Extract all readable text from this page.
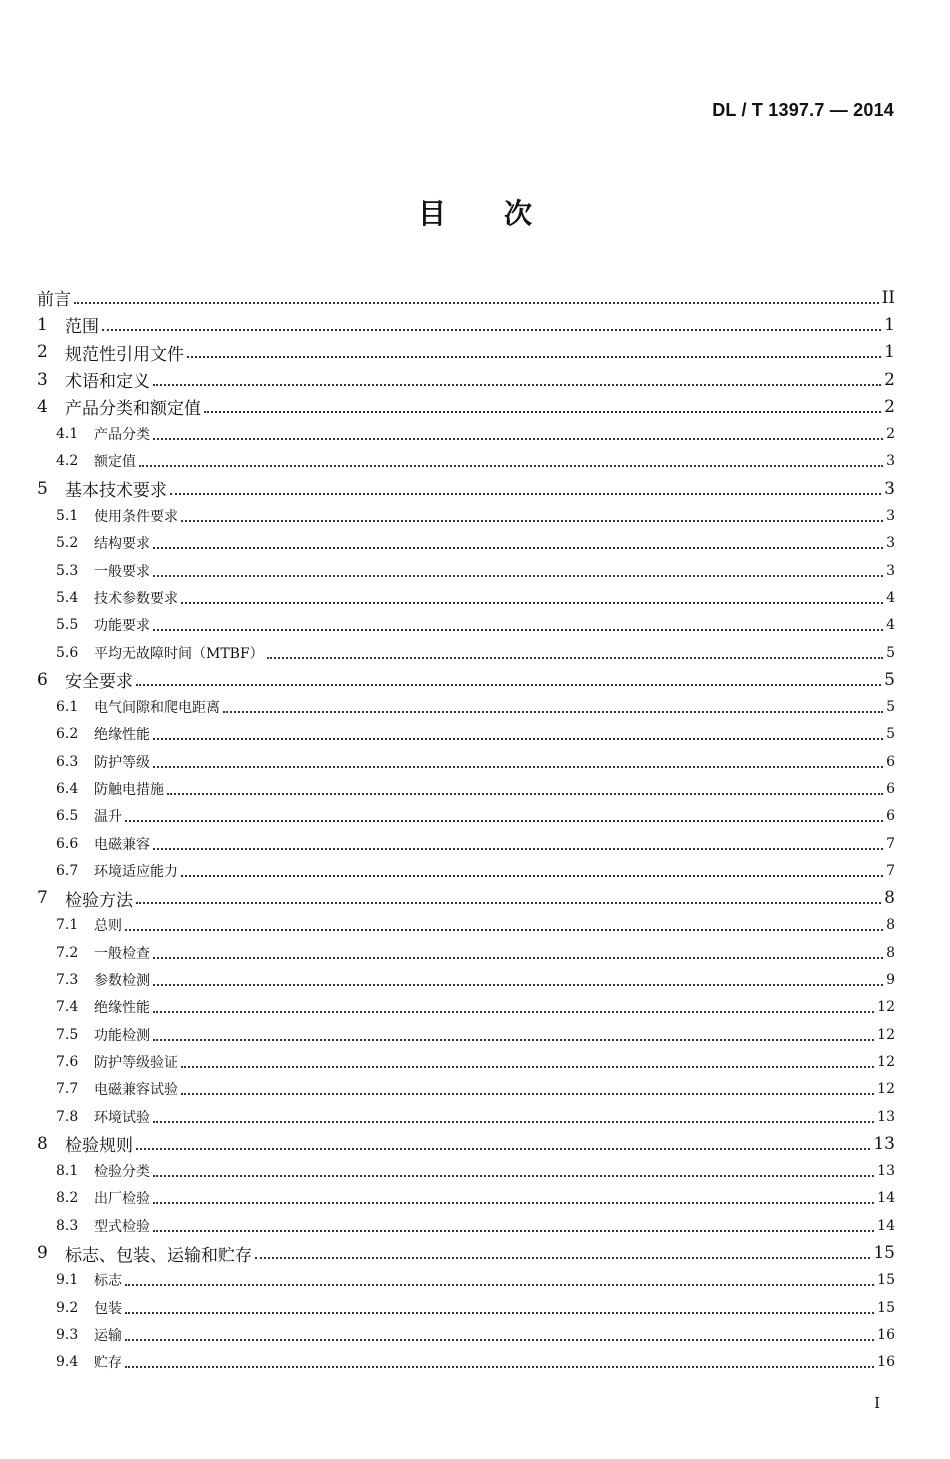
DL / T 1397.7 — 2014
目 次
前言	II
1	范围	1
2	规范性引用文件	1
3	术语和定义	2
4	产品分类和额定值	2
4.1	产品分类	2
4.2	额定值	3
5	基本技术要求	3
5.1	使用条件要求	3
5.2	结构要求	3
5.3	一般要求	3
5.4	技术参数要求	4
5.5	功能要求	4
5.6	平均无故障时间（MTBF）	5
6	安全要求	5
6.1	电气间隙和爬电距离	5
6.2	绝缘性能	5
6.3	防护等级	6
6.4	防触电措施	6
6.5	温升	6
6.6	电磁兼容	7
6.7	环境适应能力	7
7	检验方法	8
7.1	总则	8
7.2	一般检查	8
7.3	参数检测	9
7.4	绝缘性能	12
7.5	功能检测	12
7.6	防护等级验证	12
7.7	电磁兼容试验	12
7.8	环境试验	13
8	检验规则	13
8.1	检验分类	13
8.2	出厂检验	14
8.3	型式检验	14
9	标志、包装、运输和贮存	15
9.1	标志	15
9.2	包装	15
9.3	运输	16
9.4	贮存	16
I
